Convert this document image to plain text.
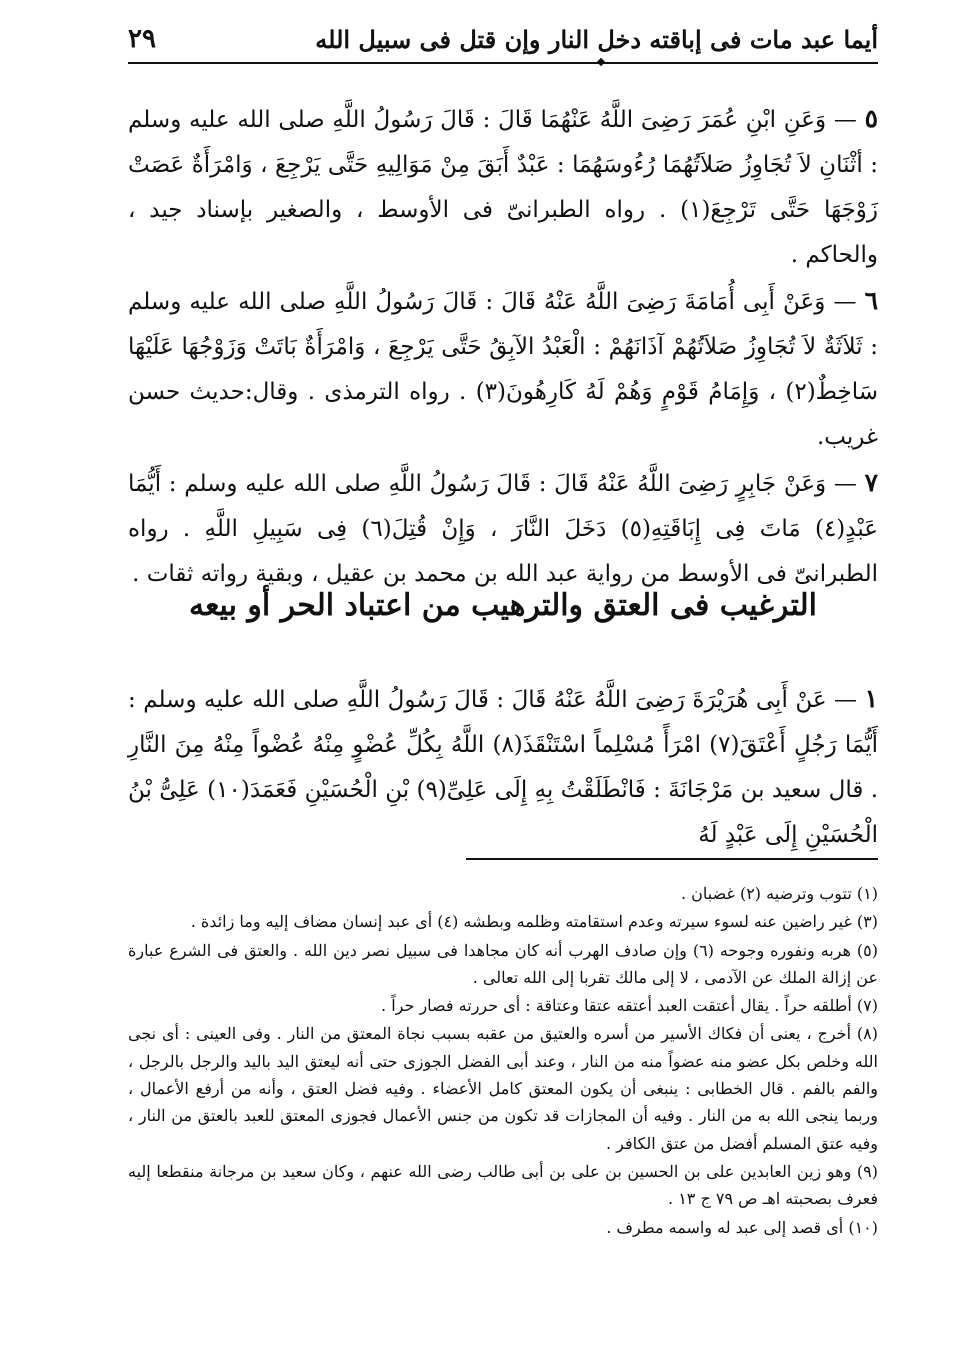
أيما عبد مات فى إباقته دخل النار وإن قتل فى سبيل الله
٢٩

٥ — وَعَنِ ابْنِ عُمَرَ رَضِىَ اللَّهُ عَنْهُمَا قَالَ : قَالَ رَسُولُ اللَّهِ صلى الله عليه وسلم : أثْنَانِ لاَ تُجَاوِزُ صَلاَتُهُمَا رُءُوسَهُمَا : عَبْدٌ أَبَقَ مِنْ مَوَالِيهِ حَتَّى يَرْجِعَ ، وَامْرَأَةٌ عَصَتْ زَوْجَهَا حَتَّى تَرْجِعَ(١) . رواه الطبرانىّ فى الأوسط ، والصغير بإسناد جيد ، والحاكم .

٦ — وَعَنْ أَبِى أُمَامَةَ رَضِىَ اللَّهُ عَنْهُ قَالَ : قَالَ رَسُولُ اللَّهِ صلى الله عليه وسلم : ثَلاَثَةٌ لاَ تُجَاوِزُ صَلاَتُهُمْ آذَانَهُمْ : الْعَبْدُ الآبِقُ حَتَّى يَرْجِعَ ، وَامْرَأَةٌ بَاتَتْ وَزَوْجُهَا عَلَيْهَا سَاخِطٌ(٢) ، وَإِمَامُ قَوْمٍ وَهُمْ لَهُ كَارِهُونَ(٣) . رواه الترمذى . وقال:حديث حسن غريب.

٧ — وَعَنْ جَابِرٍ رَضِىَ اللَّهُ عَنْهُ قَالَ : قَالَ رَسُولُ اللَّهِ صلى الله عليه وسلم : أَيُّمَا عَبْدٍ(٤) مَاتَ فِى إِبَاقَتِهِ(٥) دَخَلَ النَّارَ ، وَإِنْ قُتِلَ(٦) فِى سَبِيلِ اللَّهِ . رواه الطبرانىّ فى الأوسط من رواية عبد الله بن محمد بن عقيل ، وبقية رواته ثقات .

الترغيب فى العتق والترهيب من اعتباد الحر أو بيعه

١ — عَنْ أَبِى هُرَيْرَةَ رَضِىَ اللَّهُ عَنْهُ قَالَ : قَالَ رَسُولُ اللَّهِ صلى الله عليه وسلم : أَيُّمَا رَجُلٍ أَعْتَقَ(٧) امْرَأً مُسْلِماً اسْتَنْقَذَ(٨) اللَّهُ بِكُلِّ عُضْوٍ مِنْهُ عُضْواً مِنْهُ مِنَ النَّارِ . قال سعيد بن مَرْجَانَةَ : فَانْطَلَقْتُ بِهِ إِلَى عَلِىِّ(٩) بْنِ الْحُسَيْنِ فَعَمَدَ(١٠) عَلِىُّ بْنُ الْحُسَيْنِ إِلَى عَبْدٍ لَهُ

(١) تتوب وترضيه (٢) غضبان .

(٣) غير راضين عنه لسوء سيرته وعدم استقامته وظلمه وبطشه (٤) أى عبد إنسان مضاف إليه وما زائدة .

(٥) هربه ونفوره وجوحه (٦) وإن صادف الهرب أنه كان مجاهدا فى سبيل نصر دين الله . والعتق فى الشرع عبارة عن إزالة الملك عن الآدمى ، لا إلى مالك تقربا إلى الله تعالى .

(٧) أطلقه حراً . يقال أعتقت العبد أعتقه عتقا وعتاقة : أى حررته فصار حراً .

(٨) أخرج ، يعنى أن فكاك الأسير من أسره والعتيق من عقبه بسبب نجاة المعتق من النار . وفى العينى : أى نجى الله وخلص بكل عضو منه عضواً منه من النار ، وعند أبى الفضل الجوزى حتى أنه ليعتق اليد باليد والرجل بالرجل ، والفم بالفم . قال الخطابى : ينبغى أن يكون المعتق كامل الأعضاء . وفيه فضل العتق ، وأنه من أرفع الأعمال ، وربما ينجى الله به من النار . وفيه أن المجازات قد تكون من جنس الأعمال فجوزى المعتق للعبد بالعتق من النار ، وفيه عتق المسلم أفضل من عتق الكافر .

(٩) وهو زين العابدين على بن الحسين بن على بن أبى طالب رضى الله عنهم ، وكان سعيد بن مرجانة منقطعا إليه فعرف بصحبته اهـ ص ٧٩ ج ١٣ .

(١٠) أى قصد إلى عبد له واسمه مطرف .
